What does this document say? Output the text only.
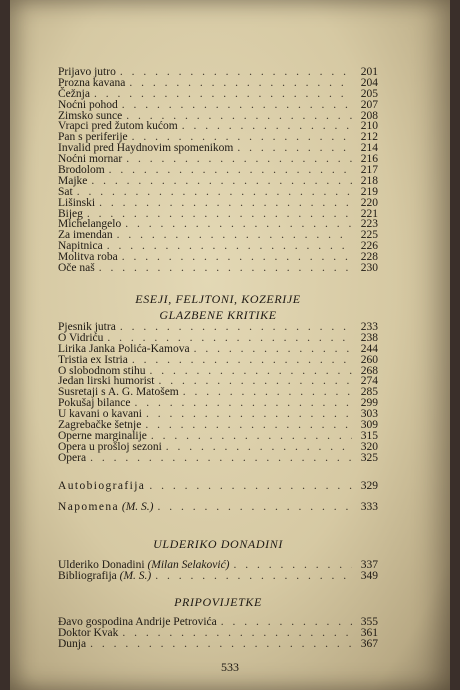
Prijavo jutro . . .	201
Prozna kavana . . .	204
Čežnja . . .	205
Noćni pohod . . .	207
Zimsko sunce . . .	208
Vrapci pred žutom kućom . . .	210
Pan s periferije . . .	212
Invalid pred Haydnovim spomenikom . . .	214
Noćni mornar . . .	216
Brodolom . . .	217
Majke . . .	218
Sat . . .	219
Lišinski . . .	220
Bijeg . . .	221
Michelangelo . . .	223
Za imendan . . .	225
Napitnica . . .	226
Molitva roba . . .	228
Oče naš . . .	230
ESEJI, FELJTONI, KOZERIJE
GLAZBENE KRITIKE
Pjesnik jutra . . .	233
O Vidriću . . .	238
Lirika Janka Polića-Kamova . . .	244
Tristia ex Istria . . .	260
O slobodnom stihu . . .	268
Jedan lirski humorist . . .	274
Susretaji s A. G. Matošem . . .	285
Pokušaj bilance . . .	299
U kavani o kavani . . .	303
Zagrebačke šetnje . . .	309
Operne marginalije . . .	315
Opera u prošloj sezoni . . .	320
Opera . . .	325
Autobiografija . . .	329
Napomena (M. S.) . . .	333
ULDERIKO DONADINI
Ulderiko Donadini (Milan Selaković) . . .	337
Bibliografija (M. S.) . . .	349
PRIPOVIJETKE
Đavo gospodina Andrije Petrovića . . .	355
Doktor Kvak . . .	361
Dunja . . .	367
533
